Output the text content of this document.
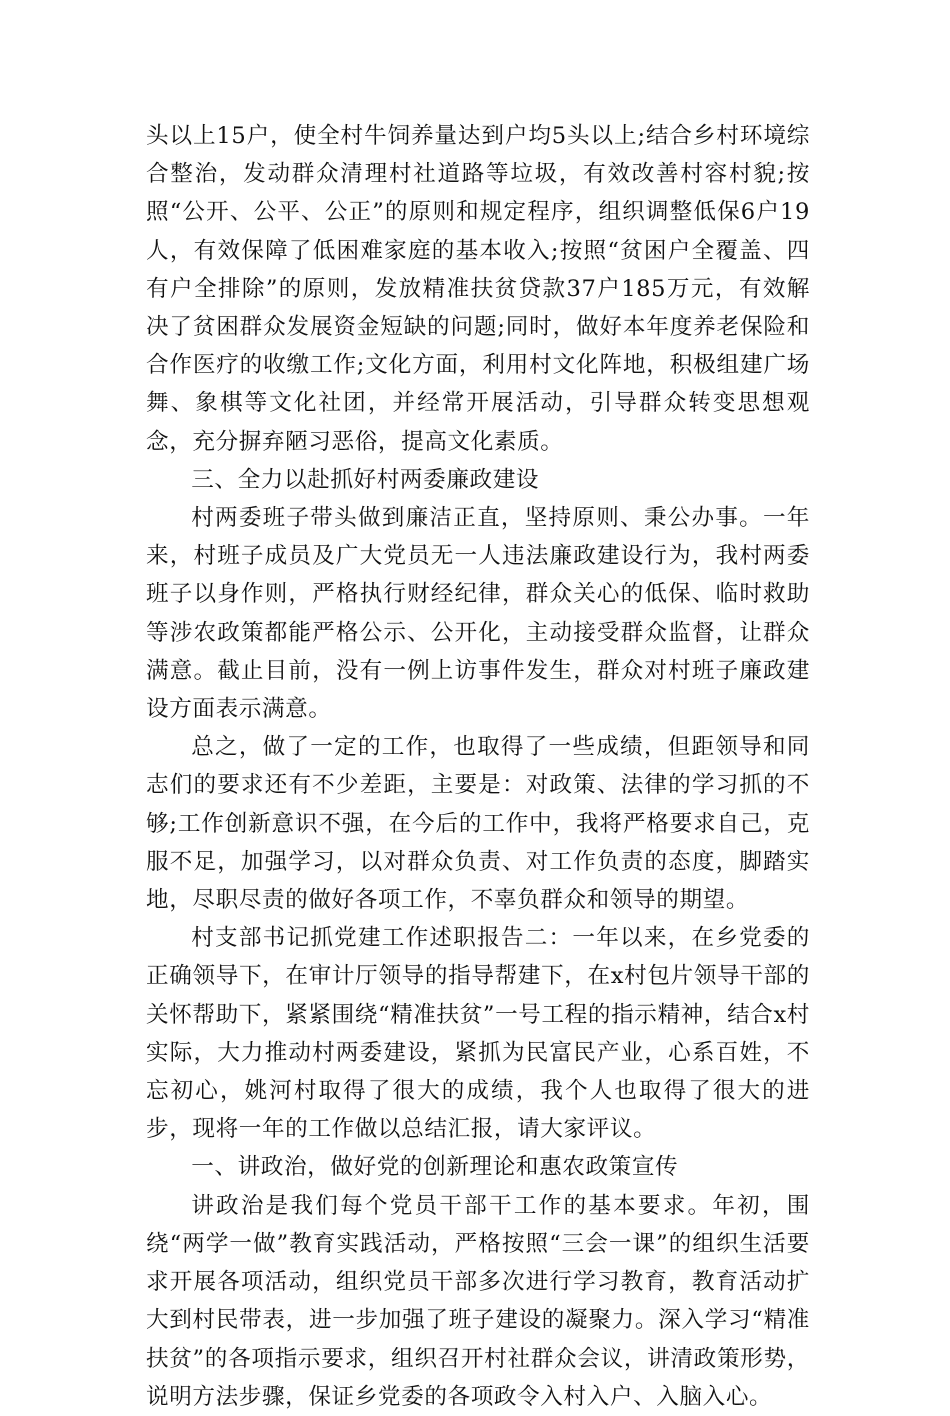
头以上15户，使全村牛饲养量达到户均5头以上;结合乡村环境综合整治，发动群众清理村社道路等垃圾，有效改善村容村貌;按照“公开、公平、公正”的原则和规定程序，组织调整低保6户19人，有效保障了低困难家庭的基本收入;按照“贫困户全覆盖、四有户全排除”的原则，发放精准扶贫贷款37户185万元，有效解决了贫困群众发展资金短缺的问题;同时，做好本年度养老保险和合作医疗的收缴工作;文化方面，利用村文化阵地，积极组建广场舞、象棋等文化社团，并经常开展活动，引导群众转变思想观念，充分摒弃陋习恶俗，提高文化素质。

三、全力以赴抓好村两委廉政建设

村两委班子带头做到廉洁正直，坚持原则、秉公办事。一年来，村班子成员及广大党员无一人违法廉政建设行为，我村两委班子以身作则，严格执行财经纪律，群众关心的低保、临时救助等涉农政策都能严格公示、公开化，主动接受群众监督，让群众满意。截止目前，没有一例上访事件发生，群众对村班子廉政建设方面表示满意。

总之，做了一定的工作，也取得了一些成绩，但距领导和同志们的要求还有不少差距，主要是：对政策、法律的学习抓的不够;工作创新意识不强，在今后的工作中，我将严格要求自己，克服不足，加强学习，以对群众负责、对工作负责的态度，脚踏实地，尽职尽责的做好各项工作，不辜负群众和领导的期望。

村支部书记抓党建工作述职报告二：一年以来，在乡党委的正确领导下，在审计厅领导的指导帮建下，在x村包片领导干部的关怀帮助下，紧紧围绕“精准扶贫”一号工程的指示精神，结合x村实际，大力推动村两委建设，紧抓为民富民产业，心系百姓，不忘初心，姚河村取得了很大的成绩，我个人也取得了很大的进步，现将一年的工作做以总结汇报，请大家评议。

一、讲政治，做好党的创新理论和惠农政策宣传

讲政治是我们每个党员干部干工作的基本要求。年初，围绕“两学一做”教育实践活动，严格按照“三会一课”的组织生活要求开展各项活动，组织党员干部多次进行学习教育，教育活动扩大到村民带表，进一步加强了班子建设的凝聚力。深入学习“精准扶贫”的各项指示要求，组织召开村社群众会议，讲清政策形势，说明方法步骤，保证乡党委的各项政令入村入户、入脑入心。
